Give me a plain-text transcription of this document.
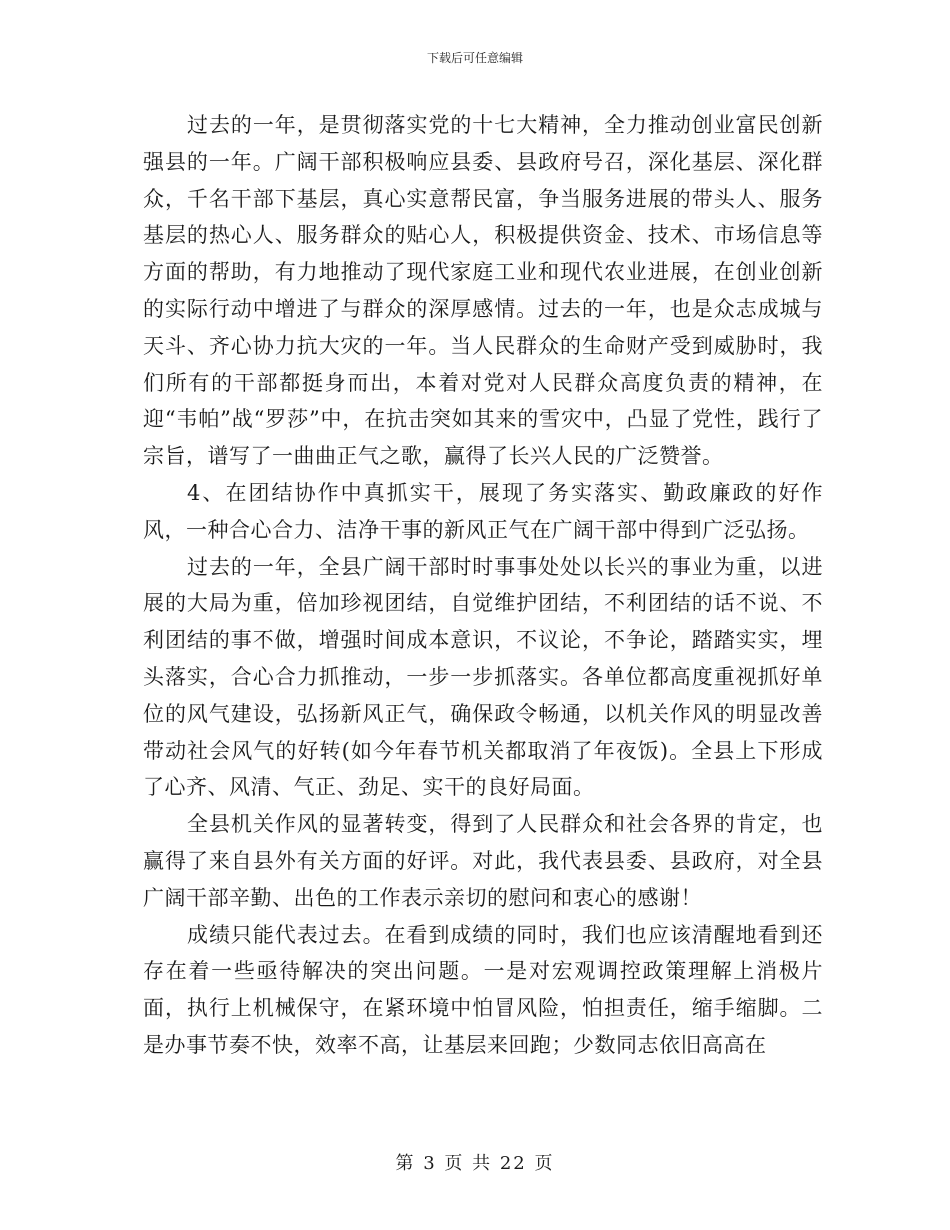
下载后可任意编辑

过去的一年，是贯彻落实党的十七大精神，全力推动创业富民创新强县的一年。广阔干部积极响应县委、县政府号召，深化基层、深化群众，千名干部下基层，真心实意帮民富，争当服务进展的带头人、服务基层的热心人、服务群众的贴心人，积极提供资金、技术、市场信息等方面的帮助，有力地推动了现代家庭工业和现代农业进展，在创业创新的实际行动中增进了与群众的深厚感情。过去的一年，也是众志成城与天斗、齐心协力抗大灾的一年。当人民群众的生命财产受到威胁时，我们所有的干部都挺身而出，本着对党对人民群众高度负责的精神，在迎“韦帕”战“罗莎”中，在抗击突如其来的雪灾中，凸显了党性，践行了宗旨，谱写了一曲曲正气之歌，赢得了长兴人民的广泛赞誉。

4、在团结协作中真抓实干，展现了务实落实、勤政廉政的好作风，一种合心合力、洁净干事的新风正气在广阔干部中得到广泛弘扬。

过去的一年，全县广阔干部时时事事处处以长兴的事业为重，以进展的大局为重，倍加珍视团结，自觉维护团结，不利团结的话不说、不利团结的事不做，增强时间成本意识，不议论，不争论，踏踏实实，埋头落实，合心合力抓推动，一步一步抓落实。各单位都高度重视抓好单位的风气建设，弘扬新风正气，确保政令畅通，以机关作风的明显改善带动社会风气的好转(如今年春节机关都取消了年夜饭)。全县上下形成了心齐、风清、气正、劲足、实干的良好局面。

全县机关作风的显著转变，得到了人民群众和社会各界的肯定，也赢得了来自县外有关方面的好评。对此，我代表县委、县政府，对全县广阔干部辛勤、出色的工作表示亲切的慰问和衷心的感谢！

成绩只能代表过去。在看到成绩的同时，我们也应该清醒地看到还存在着一些亟待解决的突出问题。一是对宏观调控政策理解上消极片面，执行上机械保守，在紧环境中怕冒风险，怕担责任，缩手缩脚。二是办事节奏不快，效率不高，让基层来回跑；少数同志依旧高高在

第 3 页 共 22 页
